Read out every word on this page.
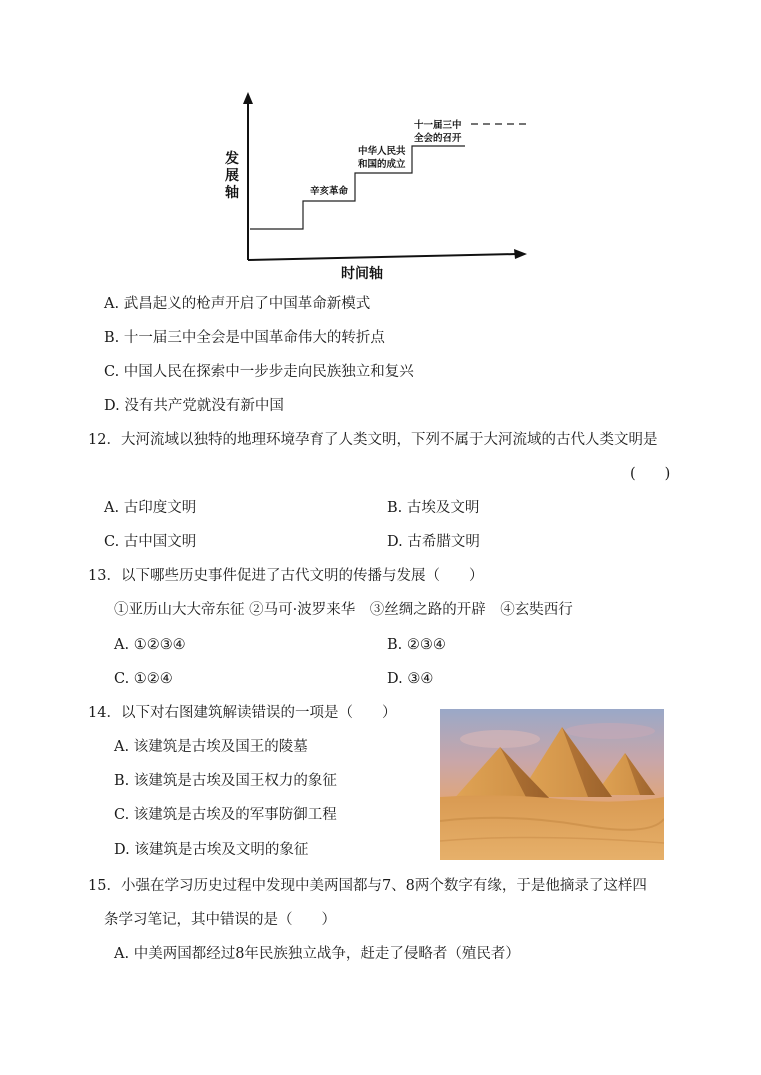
发
展
轴
时间轴
辛亥革命
中华人民共
和国的成立
十一届三中
全会的召开
A. 武昌起义的枪声开启了中国革命新模式
B. 十一届三中全会是中国革命伟大的转折点
C. 中国人民在探索中一步步走向民族独立和复兴
D. 没有共产党就没有新中国
12．大河流域以独特的地理环境孕育了人类文明，下列不属于大河流域的古代人类文明是
(　　)
A. 古印度文明	B. 古埃及文明
C. 古中国文明	D. 古希腊文明
13．以下哪些历史事件促进了古代文明的传播与发展（　　）
①亚历山大大帝东征 ②马可·波罗来华　③丝绸之路的开辟　④玄奘西行
A. ①②③④	B. ②③④
C. ①②④	D. ③④
14．以下对右图建筑解读错误的一项是（　　）
A. 该建筑是古埃及国王的陵墓
B. 该建筑是古埃及国王权力的象征
C. 该建筑是古埃及的军事防御工程
D. 该建筑是古埃及文明的象征
15．小强在学习历史过程中发现中美两国都与7、8两个数字有缘，于是他摘录了这样四
条学习笔记，其中错误的是（　　）
A. 中美两国都经过8年民族独立战争，赶走了侵略者（殖民者）
